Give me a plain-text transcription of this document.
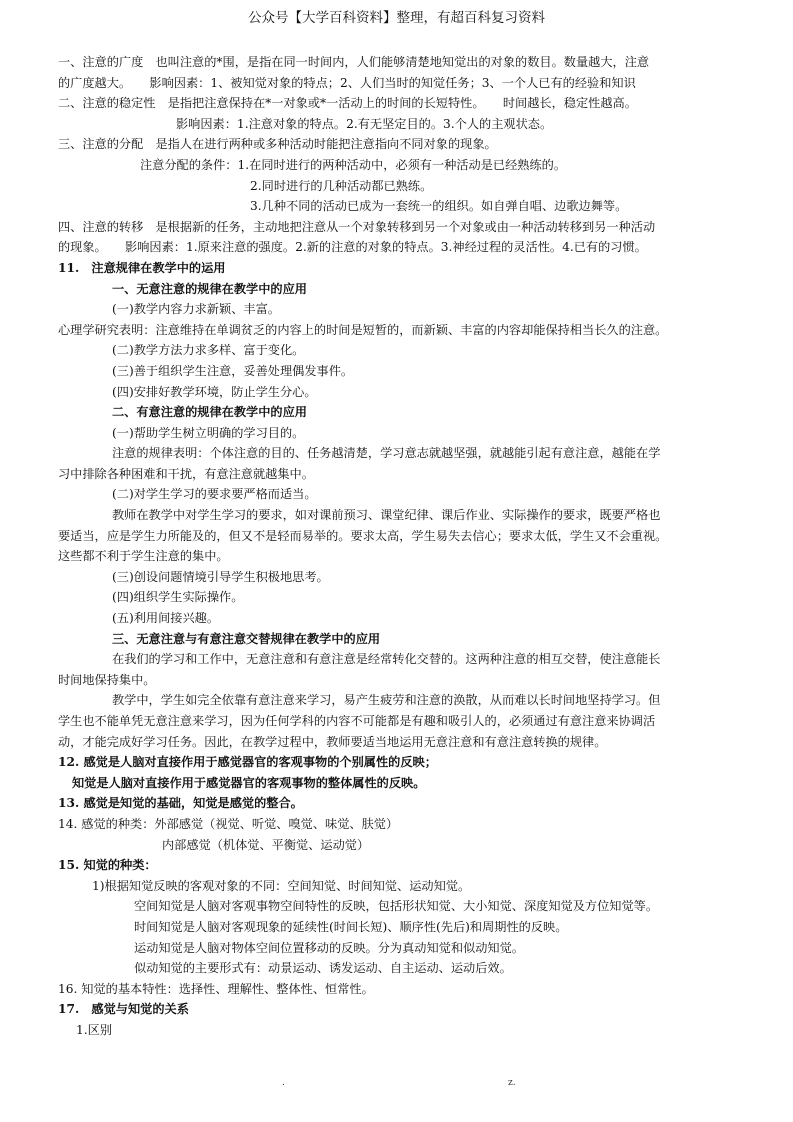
公众号【大学百科资料】整理，有超百科复习资料
一、注意的广度　也叫注意的*围，是指在同一时间内，人们能够清楚地知觉出的对象的数目。数量越大，注意
的广度越大。　　影响因素：1、被知觉对象的特点；2、人们当时的知觉任务；3、一个人已有的经验和知识
二、注意的稳定性　是指把注意保持在*一对象或*一活动上的时间的长短特性。　　时间越长，稳定性越高。
影响因素：1.注意对象的特点。2.有无坚定目的。3.个人的主观状态。
三、注意的分配　是指人在进行两种或多种活动时能把注意指向不同对象的现象。
注意分配的条件：1.在同时进行的两种活动中，必须有一种活动是已经熟练的。
2.同时进行的几种活动都已熟练。
3.几种不同的活动已成为一套统一的组织。如自弹自唱、边歌边舞等。
四、注意的转移　是根据新的任务，主动地把注意从一个对象转移到另一个对象或由一种活动转移到另一种活动
的现象。　　影响因素：1.原来注意的强度。2.新的注意的对象的特点。3.神经过程的灵活性。4.已有的习惯。
11.　注意规律在教学中的运用
一、无意注意的规律在教学中的应用
(一)教学内容力求新颖、丰富。
心理学研究表明：注意维持在单调贫乏的内容上的时间是短暂的，而新颖、丰富的内容却能保持相当长久的注意。
(二)教学方法力求多样、富于变化。
(三)善于组织学生注意，妥善处理偶发事件。
(四)安排好教学环境，防止学生分心。
二、有意注意的规律在教学中的应用
(一)帮助学生树立明确的学习目的。
注意的规律表明：个体注意的目的、任务越清楚，学习意志就越坚强，就越能引起有意注意，越能在学
习中排除各种困难和干扰，有意注意就越集中。
(二)对学生学习的要求要严格而适当。
教师在教学中对学生学习的要求，如对课前预习、课堂纪律、课后作业、实际操作的要求，既要严格也
要适当，应是学生力所能及的，但又不是轻而易举的。要求太高，学生易失去信心；要求太低，学生又不会重视。
这些都不利于学生注意的集中。
(三)创设问题情境引导学生积极地思考。
(四)组织学生实际操作。
(五)利用间接兴趣。
三、无意注意与有意注意交替规律在教学中的应用
在我们的学习和工作中，无意注意和有意注意是经常转化交替的。这两种注意的相互交替，使注意能长
时间地保持集中。
教学中，学生如完全依靠有意注意来学习，易产生疲劳和注意的涣散，从而难以长时间地坚持学习。但
学生也不能单凭无意注意来学习，因为任何学科的内容不可能都是有趣和吸引人的，必须通过有意注意来协调活
动，才能完成好学习任务。因此，在教学过程中，教师要适当地运用无意注意和有意注意转换的规律。
12. 感觉是人脑对直接作用于感觉器官的客观事物的个别属性的反映；
知觉是人脑对直接作用于感觉器官的客观事物的整体属性的反映。
13. 感觉是知觉的基础，知觉是感觉的整合。
14. 感觉的种类：外部感觉（视觉、听觉、嗅觉、味觉、肤觉）
内部感觉（机体觉、平衡觉、运动觉）
15. 知觉的种类：
1)根据知觉反映的客观对象的不同：空间知觉、时间知觉、运动知觉。
空间知觉是人脑对客观事物空间特性的反映，包括形状知觉、大小知觉、深度知觉及方位知觉等。
时间知觉是人脑对客观现象的延续性(时间长短)、顺序性(先后)和周期性的反映。
运动知觉是人脑对物体空间位置移动的反映。分为真动知觉和似动知觉。
似动知觉的主要形式有：动景运动、诱发运动、自主运动、运动后效。
16. 知觉的基本特性：选择性、理解性、整体性、恒常性。
17.　感觉与知觉的关系
1.区别
.	z.
